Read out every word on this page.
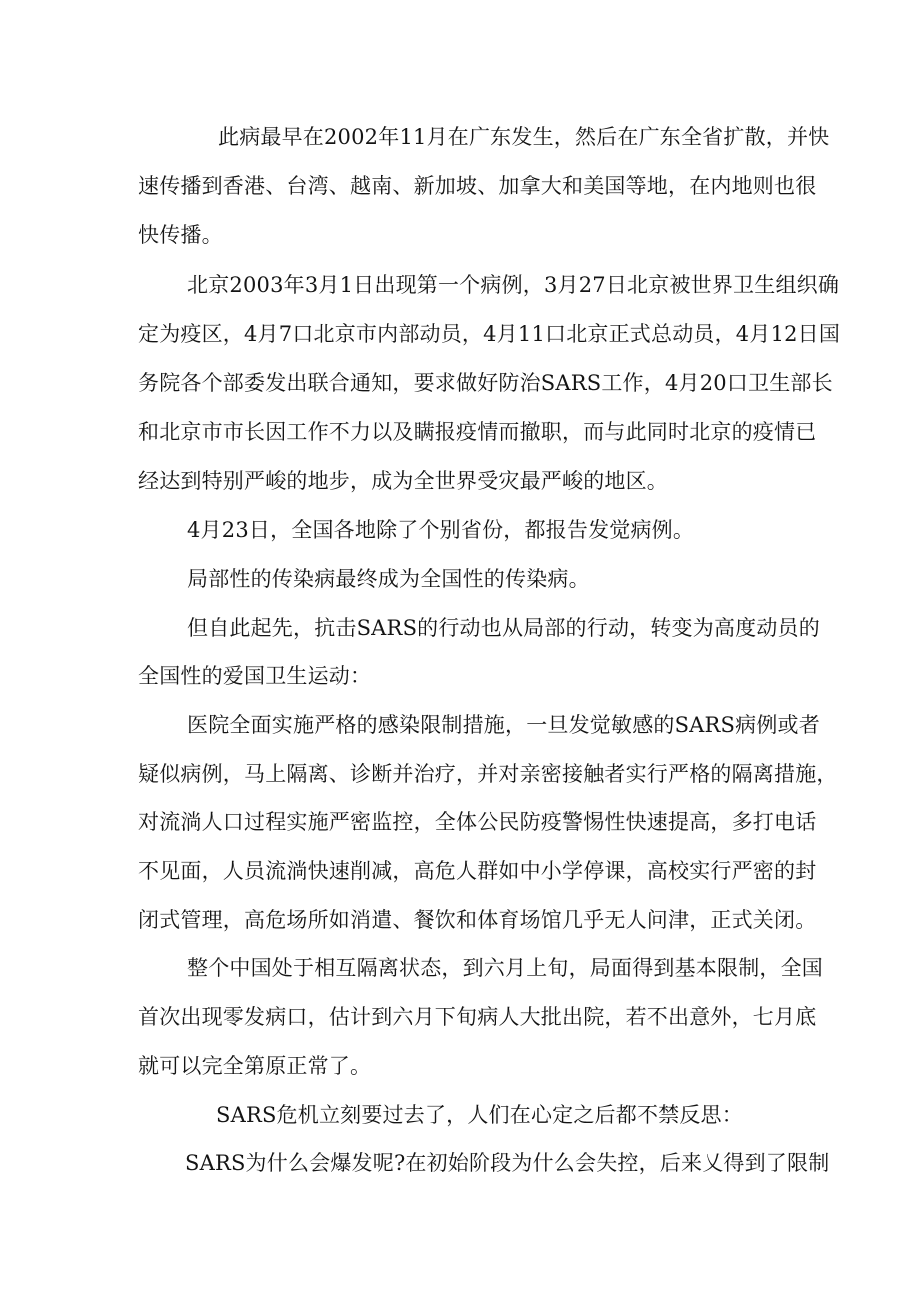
此病最早在2002年11月在广东发生，然后在广东全省扩散，并快

速传播到香港、台湾、越南、新加坡、加拿大和美国等地，在内地则也很

快传播。

北京2003年3月1日出现第一个病例，3月27日北京被世界卫生组织确

定为疫区，4月7口北京市内部动员，4月11口北京正式总动员，4月12日国

务院各个部委发出联合通知，要求做好防治SARS工作，4月20口卫生部长

和北京市市长因工作不力以及瞒报疫情而撤职，而与此同时北京的疫情已

经达到特别严峻的地步，成为全世界受灾最严峻的地区。

4月23日，全国各地除了个别省份，都报告发觉病例。

局部性的传染病最终成为全国性的传染病。

但自此起先，抗击SARS的行动也从局部的行动，转变为高度动员的

全国性的爱国卫生运动：

医院全面实施严格的感染限制措施，一旦发觉敏感的SARS病例或者

疑似病例，马上隔离、诊断并治疗，并对亲密接触者实行严格的隔离措施，

对流淌人口过程实施严密监控，全体公民防疫警惕性快速提高，多打电话

不见面，人员流淌快速削减，高危人群如中小学停课，高校实行严密的封

闭式管理，高危场所如消遣、餐饮和体育场馆几乎无人问津，正式关闭。

整个中国处于相互隔离状态，到六月上旬，局面得到基本限制，全国

首次出现零发病口，估计到六月下旬病人大批出院，若不出意外，七月底

就可以完全第原正常了。

SARS危机立刻要过去了，人们在心定之后都不禁反思：

SARS为什么会爆发呢?在初始阶段为什么会失控，后来乂得到了限制
